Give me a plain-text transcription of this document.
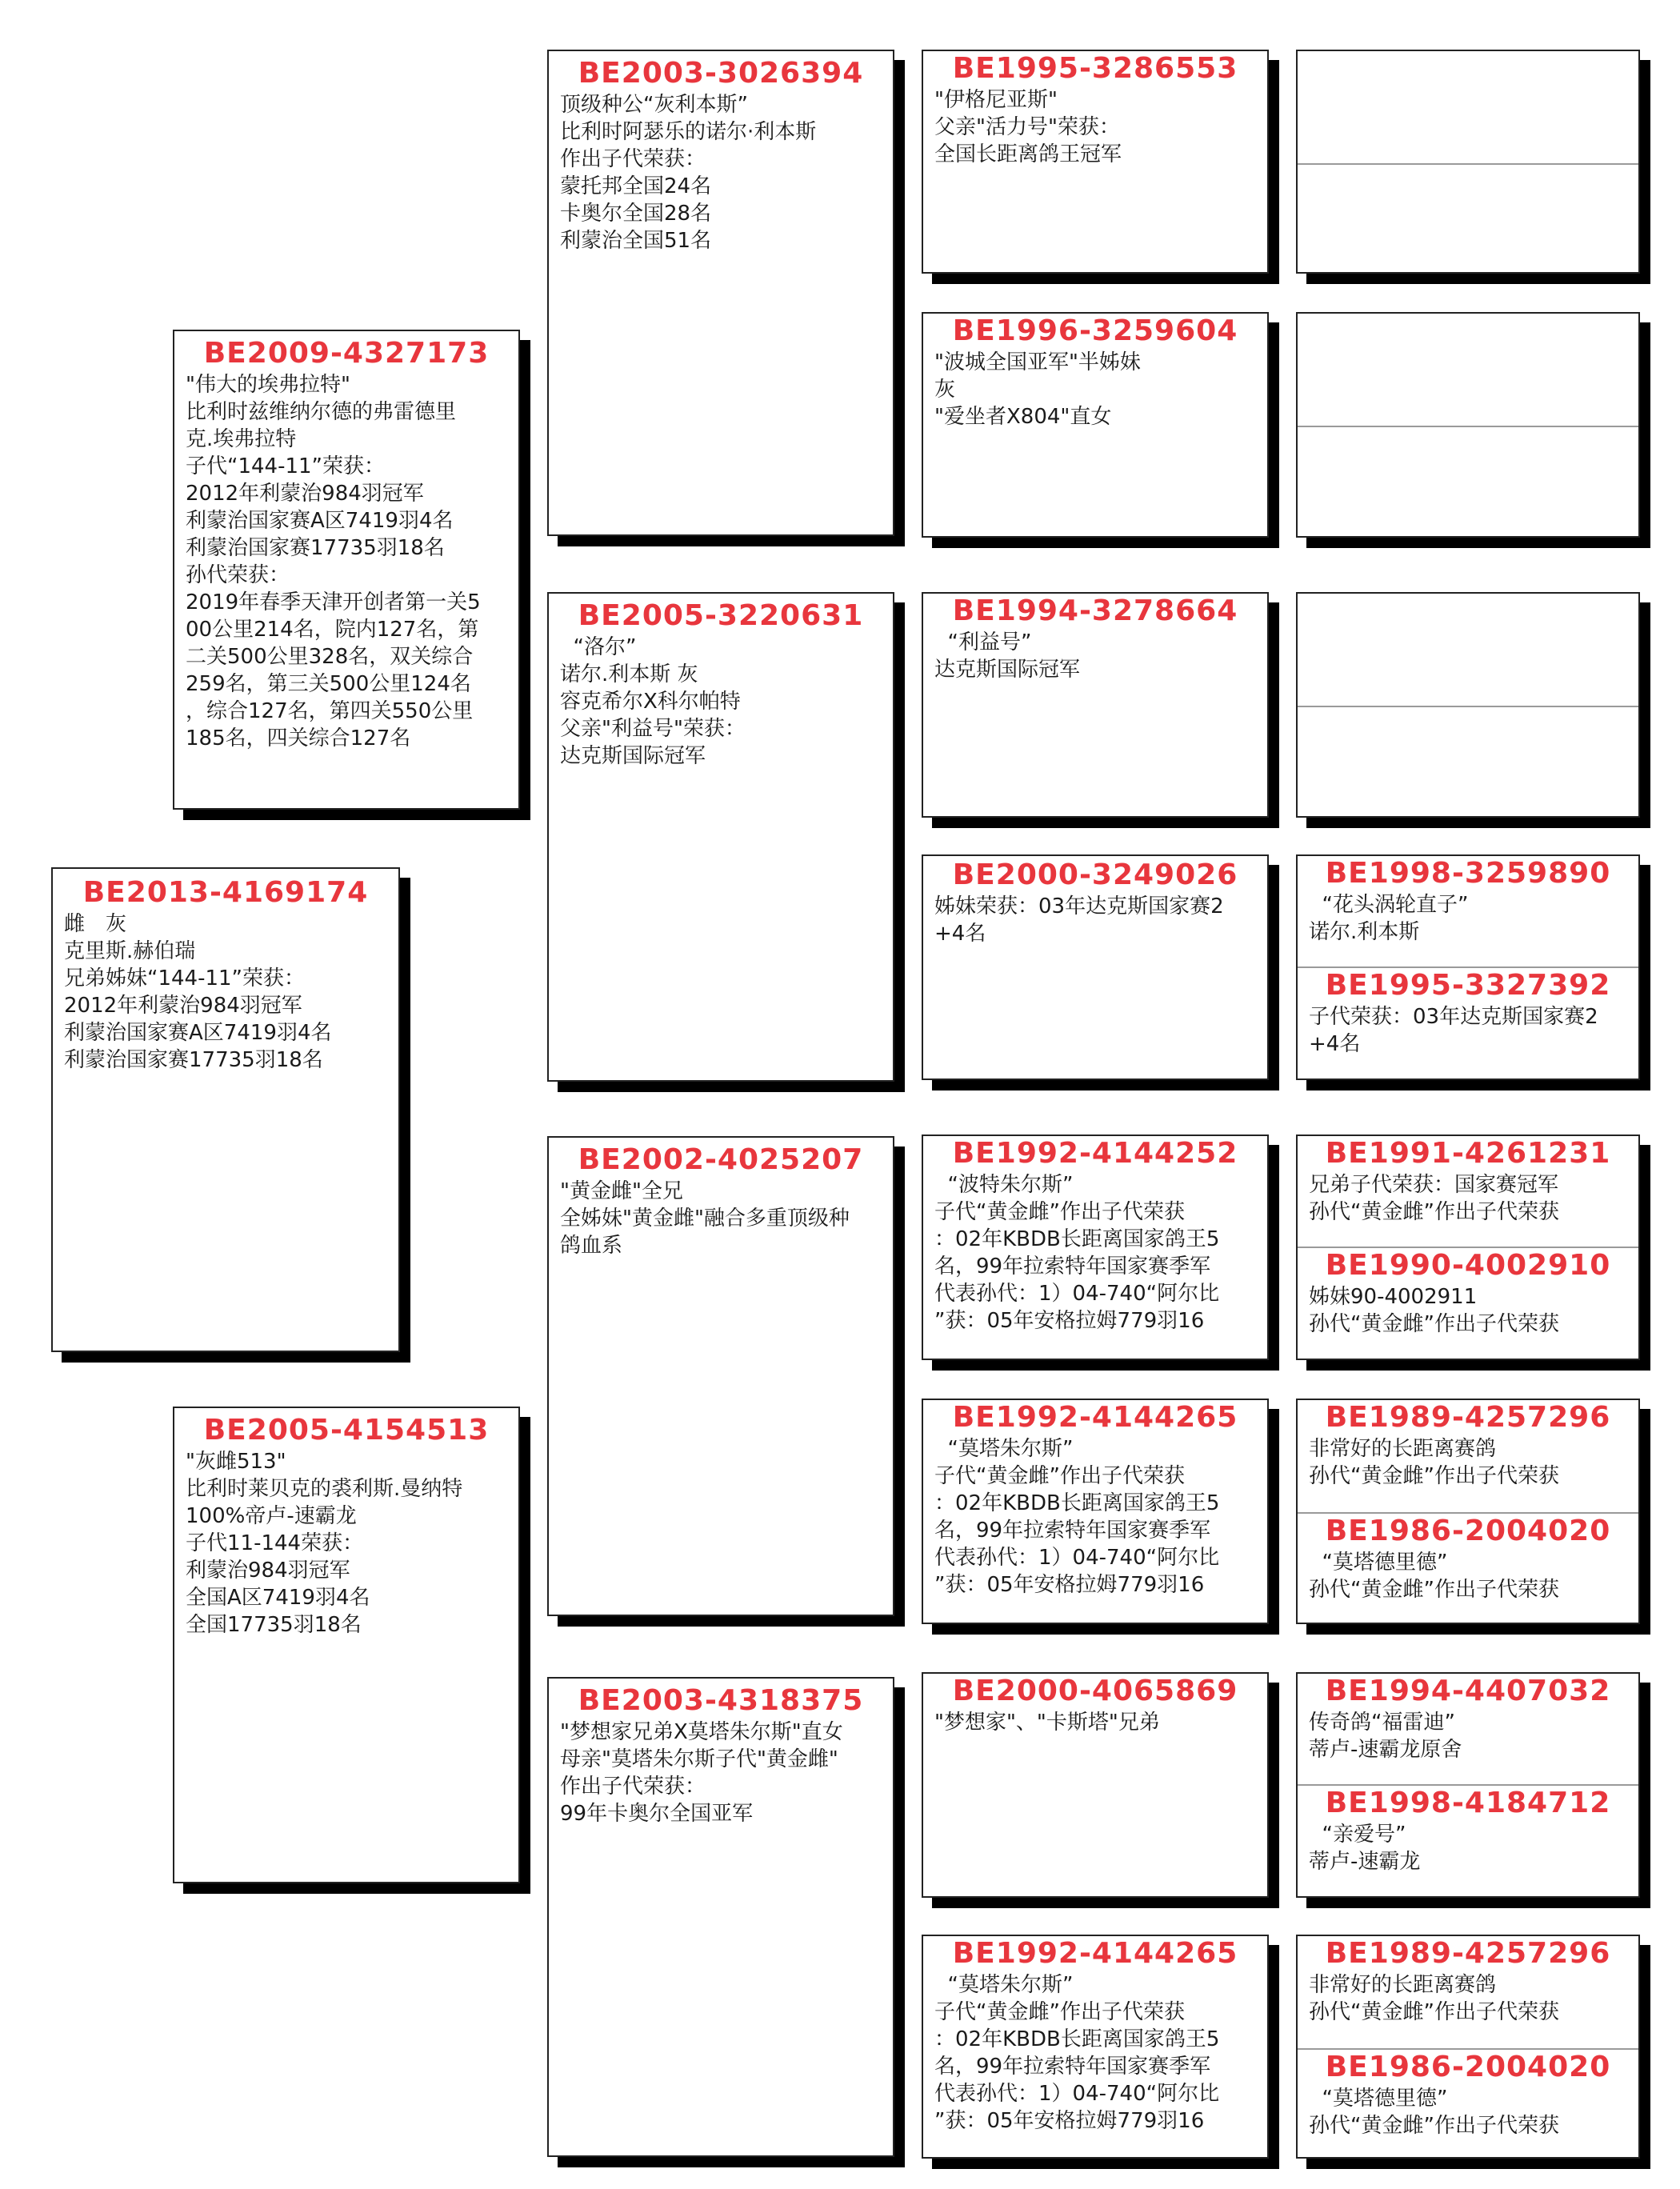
BE2013-4169174
雌　灰
克里斯.赫伯瑞
兄弟姊妹“144-11”荣获：
2012年利蒙治984羽冠军
利蒙治国家赛A区7419羽4名
利蒙治国家赛17735羽18名
BE2009-4327173
"伟大的埃弗拉特"
比利时兹维纳尔德的弗雷德里
克.埃弗拉特
子代“144-11”荣获：
2012年利蒙治984羽冠军
利蒙治国家赛A区7419羽4名
利蒙治国家赛17735羽18名
孙代荣获：
2019年春季天津开创者第一关5
00公里214名，院内127名，第
二关500公里328名，双关综合
259名，第三关500公里124名
，综合127名，第四关550公里
185名，四关综合127名
BE2005-4154513
"灰雌513"
比利时莱贝克的裘利斯.曼纳特
100%帝卢-速霸龙
子代11-144荣获：
利蒙治984羽冠军
全国A区7419羽4名
全国17735羽18名
BE2003-3026394
顶级种公“灰利本斯”
比利时阿瑟乐的诺尔·利本斯
作出子代荣获：
蒙托邦全国24名
卡奥尔全国28名
利蒙治全国51名
BE2005-3220631
“洛尔”
诺尔.利本斯 灰
容克希尔X科尔帕特
父亲"利益号"荣获：
达克斯国际冠军
BE2002-4025207
"黄金雌"全兄
全姊妹"黄金雌"融合多重顶级种
鸽血系
BE2003-4318375
"梦想家兄弟X莫塔朱尔斯"直女
母亲"莫塔朱尔斯子代"黄金雌"
作出子代荣获：
99年卡奥尔全国亚军
BE1995-3286553
"伊格尼亚斯"
父亲"活力号"荣获：
全国长距离鸽王冠军
BE1996-3259604
"波城全国亚军"半姊妹
灰
"爱坐者X804"直女
BE1994-3278664
“利益号”
达克斯国际冠军
BE2000-3249026
姊妹荣获：03年达克斯国家赛2
+4名
BE1992-4144252
“波特朱尔斯”
子代“黄金雌”作出子代荣获
：02年KBDB长距离国家鸽王5
名，99年拉索特年国家赛季军
代表孙代：1）04-740“阿尔比
”获：05年安格拉姆779羽16
BE1992-4144265
“莫塔朱尔斯”
子代“黄金雌”作出子代荣获
：02年KBDB长距离国家鸽王5
名，99年拉索特年国家赛季军
代表孙代：1）04-740“阿尔比
”获：05年安格拉姆779羽16
BE2000-4065869
"梦想家"、"卡斯塔"兄弟
BE1992-4144265
“莫塔朱尔斯”
子代“黄金雌”作出子代荣获
：02年KBDB长距离国家鸽王5
名，99年拉索特年国家赛季军
代表孙代：1）04-740“阿尔比
”获：05年安格拉姆779羽16
BE1998-3259890
“花头涡轮直子”
诺尔.利本斯
BE1995-3327392
子代荣获：03年达克斯国家赛2
+4名
BE1991-4261231
兄弟子代荣获：国家赛冠军
孙代“黄金雌”作出子代荣获
BE1990-4002910
姊妹90-4002911
孙代“黄金雌”作出子代荣获
BE1989-4257296
非常好的长距离赛鸽
孙代“黄金雌”作出子代荣获
BE1986-2004020
“莫塔德里德”
孙代“黄金雌”作出子代荣获
BE1994-4407032
传奇鸽“福雷迪”
蒂卢-速霸龙原舍
BE1998-4184712
“亲爱号”
蒂卢-速霸龙
BE1989-4257296
非常好的长距离赛鸽
孙代“黄金雌”作出子代荣获
BE1986-2004020
“莫塔德里德”
孙代“黄金雌”作出子代荣获
